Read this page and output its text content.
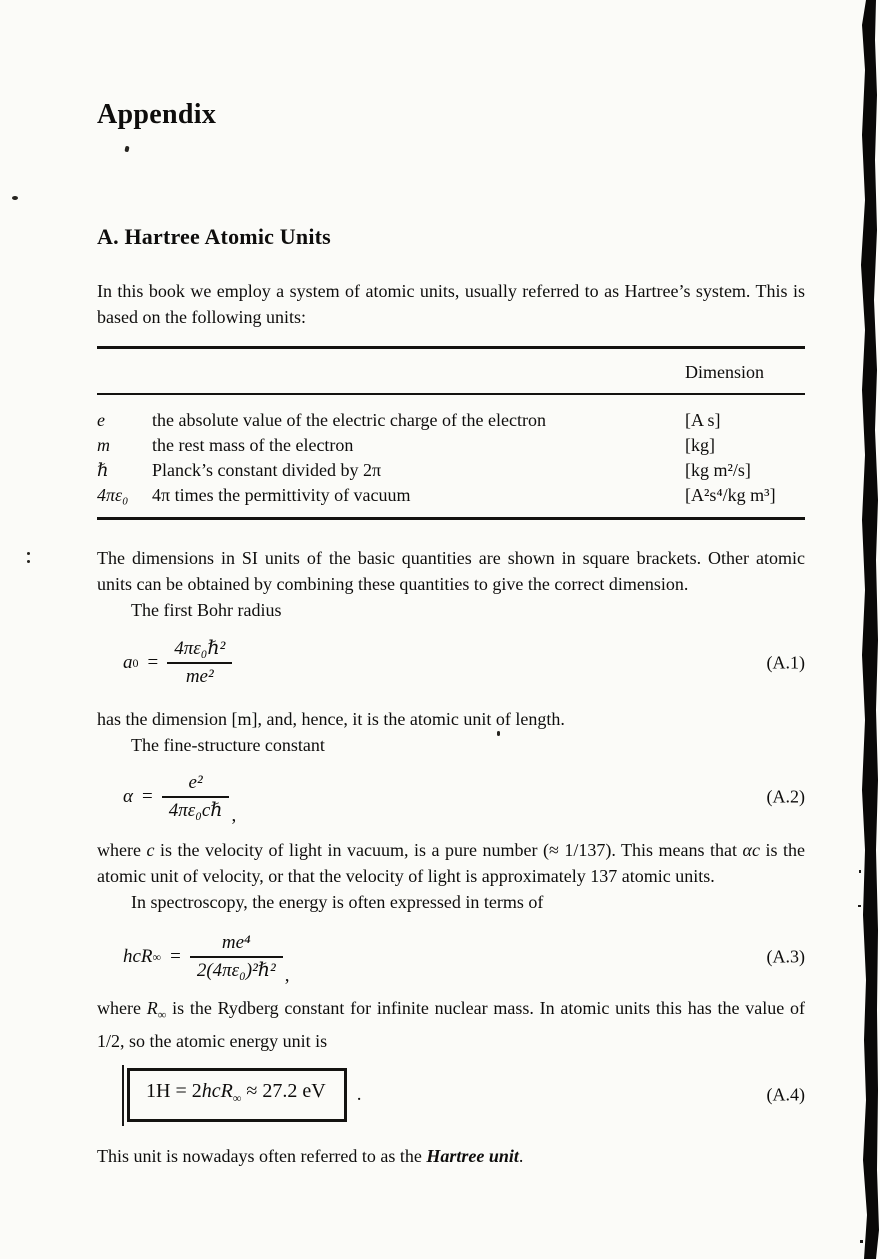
Appendix
A. Hartree Atomic Units

In this book we employ a system of atomic units, usually referred to as Hartree’s system. This is based on the following units:

Dimension
e	the absolute value of the electric charge of the electron	[A s]
m	the rest mass of the electron	[kg]
ℏ	Planck’s constant divided by 2π	[kg m²/s]
4πε₀	4π times the permittivity of vacuum	[A²s⁴/kg m³]

The dimensions in SI units of the basic quantities are shown in square brackets. Other atomic units can be obtained by combining these quantities to give the correct dimension.

The first Bohr radius

a $0 = \frac{\text{4πε₀ℏ²}}{\text{me²}}$	(A.1)

has the dimension [m], and, hence, it is the atomic unit of length.

The fine-structure constant

$\alpha = \frac{\text{e²}}{\text{4πε₀cℏ}}$ ,
(A.2)

where c is the velocity of light in vacuum, is a pure number (≈ 1/137). This means that αc is the atomic unit of velocity, or that the velocity of light is approximately 137 atomic units.

In spectroscopy, the energy is often expressed in terms of

hcR ∞ = $\frac{\text{me⁴}}{\text{2(4πε₀)²ℏ²}}$ ,
(A.3)

where $R_\infty$ is the Rydberg constant for infinite nuclear mass. In atomic units this has the value of 1/2, so the atomic energy unit is

1H = 2hcR$_\infty$ ≈ 27.2 eV	.	(A.4)

This unit is nowadays often referred to as the Hartree unit.
